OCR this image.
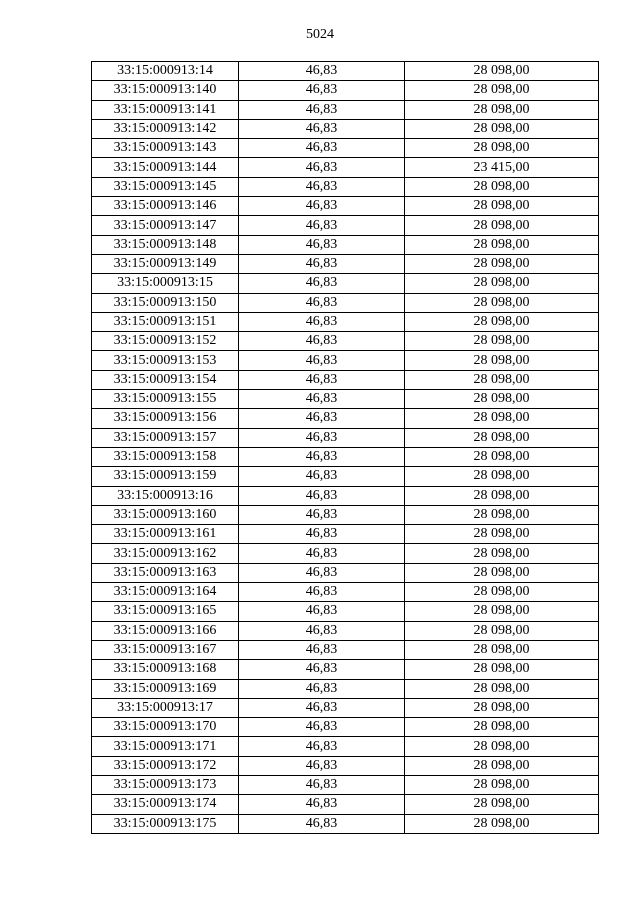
5024
33:15:000913:14	46,83	28 098,00
33:15:000913:140	46,83	28 098,00
33:15:000913:141	46,83	28 098,00
33:15:000913:142	46,83	28 098,00
33:15:000913:143	46,83	28 098,00
33:15:000913:144	46,83	23 415,00
33:15:000913:145	46,83	28 098,00
33:15:000913:146	46,83	28 098,00
33:15:000913:147	46,83	28 098,00
33:15:000913:148	46,83	28 098,00
33:15:000913:149	46,83	28 098,00
33:15:000913:15	46,83	28 098,00
33:15:000913:150	46,83	28 098,00
33:15:000913:151	46,83	28 098,00
33:15:000913:152	46,83	28 098,00
33:15:000913:153	46,83	28 098,00
33:15:000913:154	46,83	28 098,00
33:15:000913:155	46,83	28 098,00
33:15:000913:156	46,83	28 098,00
33:15:000913:157	46,83	28 098,00
33:15:000913:158	46,83	28 098,00
33:15:000913:159	46,83	28 098,00
33:15:000913:16	46,83	28 098,00
33:15:000913:160	46,83	28 098,00
33:15:000913:161	46,83	28 098,00
33:15:000913:162	46,83	28 098,00
33:15:000913:163	46,83	28 098,00
33:15:000913:164	46,83	28 098,00
33:15:000913:165	46,83	28 098,00
33:15:000913:166	46,83	28 098,00
33:15:000913:167	46,83	28 098,00
33:15:000913:168	46,83	28 098,00
33:15:000913:169	46,83	28 098,00
33:15:000913:17	46,83	28 098,00
33:15:000913:170	46,83	28 098,00
33:15:000913:171	46,83	28 098,00
33:15:000913:172	46,83	28 098,00
33:15:000913:173	46,83	28 098,00
33:15:000913:174	46,83	28 098,00
33:15:000913:175	46,83	28 098,00
